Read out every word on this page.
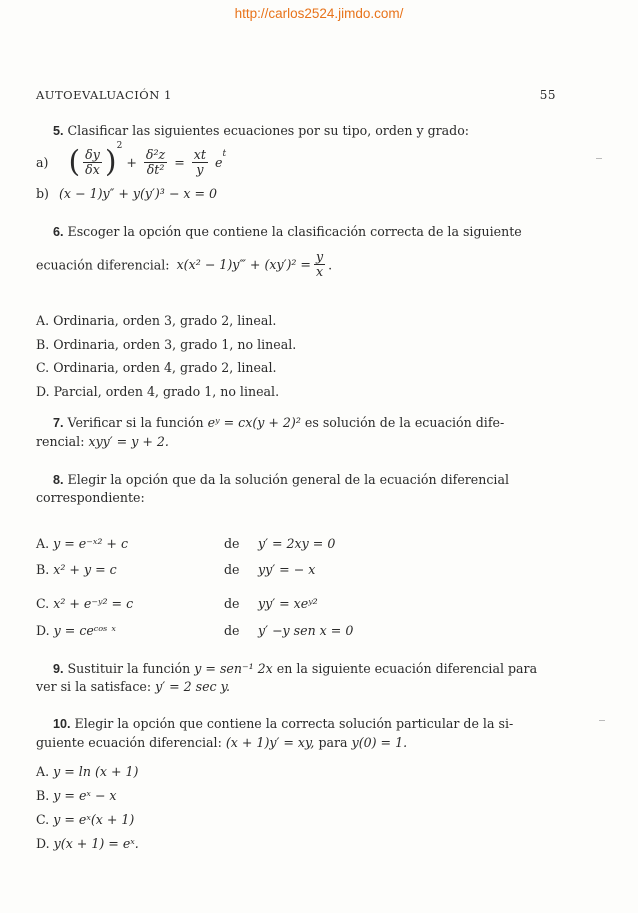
http://carlos2524.jimdo.com/
AUTOEVALUACIÓN 1	55
5. Clasificar las siguientes ecuaciones por su tipo, orden y grado:
a) ( $\frac{\delta y}{\delta x} )^2 + \frac{\text{δ²z}}{\text{δt²}} = \frac{xt}{y} e^t$
b) (x − 1)y″ + y(y′)³ − x = 0
6. Escoger la opción que contiene la clasificación correcta de la siguiente
ecuación diferencial: x(x² − 1)y‴ + $(xy')^2 = \frac{y}{x}$ .
A. Ordinaria, orden 3, grado 2, lineal.
B. Ordinaria, orden 3, grado 1, no lineal.
C. Ordinaria, orden 4, grado 2, lineal.
D. Parcial, orden 4, grado 1, no lineal.
7. Verificar si la función eʸ = cx(y + 2)² es solución de la ecuación dife-
rencial: xyy′ = y + 2.
8. Elegir la opción que da la solución general de la ecuación diferencial
correspondiente:
A. y = e⁻ˣ² + c	de y′ = 2xy = 0
B. x² + y = c	de yy′ = − x
C. x² + e⁻ʸ² = c	de yy′ = xeʸ²
D. y = ceᶜᵒˢ ˣ	de y′ −y sen x = 0
9. Sustituir la función y = sen⁻¹ 2x en la siguiente ecuación diferencial para
ver si la satisface: y′ = 2 sec y.
10. Elegir la opción que contiene la correcta solución particular de la si-
guiente ecuación diferencial: (x + 1)y′ = xy, para y(0) = 1.
A. y = ln (x + 1)
B. y = eˣ − x
C. y = eˣ(x + 1)
D. y(x + 1) = eˣ.
